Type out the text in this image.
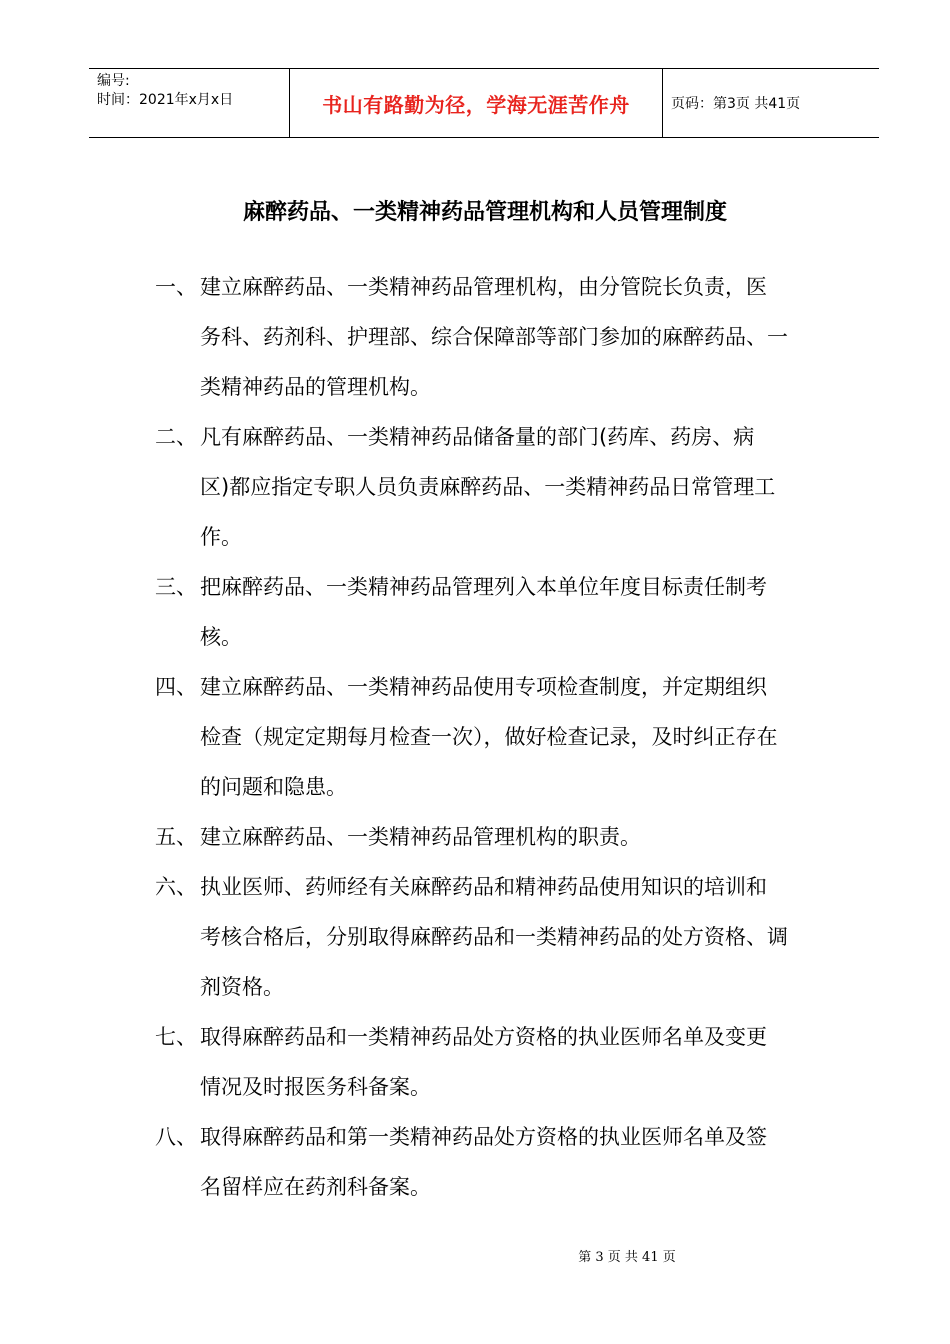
编号:
时间：2021年x月x日	书山有路勤为径，学海无涯苦作舟	页码：第3页 共41页
麻醉药品、一类精神药品管理机构和人员管理制度
一、 建立麻醉药品、一类精神药品管理机构，由分管院长负责，医
务科、药剂科、护理部、综合保障部等部门参加的麻醉药品、一
类精神药品的管理机构。
二、 凡有麻醉药品、一类精神药品储备量的部门(药库、药房、病
区)都应指定专职人员负责麻醉药品、一类精神药品日常管理工
作。
三、 把麻醉药品、一类精神药品管理列入本单位年度目标责任制考
核。
四、 建立麻醉药品、一类精神药品使用专项检查制度，并定期组织
检查（规定定期每月检查一次），做好检查记录，及时纠正存在
的问题和隐患。
五、 建立麻醉药品、一类精神药品管理机构的职责。
六、 执业医师、药师经有关麻醉药品和精神药品使用知识的培训和
考核合格后，分别取得麻醉药品和一类精神药品的处方资格、调
剂资格。
七、 取得麻醉药品和一类精神药品处方资格的执业医师名单及变更
情况及时报医务科备案。
八、 取得麻醉药品和第一类精神药品处方资格的执业医师名单及签
名留样应在药剂科备案。
第 3 页 共 41 页
